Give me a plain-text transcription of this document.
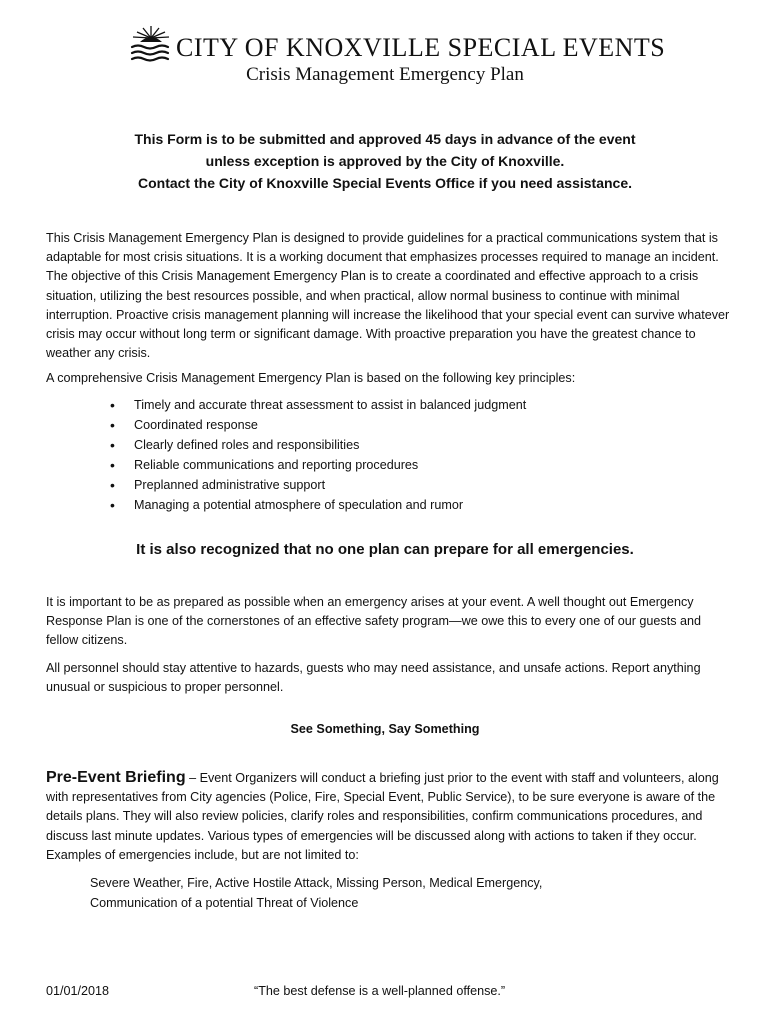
CITY OF KNOXVILLE SPECIAL EVENTS
Crisis Management Emergency Plan
This Form is to be submitted and approved 45 days in advance of the event
unless exception is approved by the City of Knoxville.
Contact the City of Knoxville Special Events Office if you need assistance.

This Crisis Management Emergency Plan is designed to provide guidelines for a practical communications system that is adaptable for most crisis situations. It is a working document that emphasizes processes required to manage an incident. The objective of this Crisis Management Emergency Plan is to create a coordinated and effective approach to a crisis situation, utilizing the best resources possible, and when practical, allow normal business to continue with minimal interruption. Proactive crisis management planning will increase the likelihood that your special event can survive whatever crisis may occur without long term or significant damage. With proactive preparation you have the greatest chance to weather any crisis.

A comprehensive Crisis Management Emergency Plan is based on the following key principles:

• Timely and accurate threat assessment to assist in balanced judgment
• Coordinated response
• Clearly defined roles and responsibilities
• Reliable communications and reporting procedures
• Preplanned administrative support
• Managing a potential atmosphere of speculation and rumor
It is also recognized that no one plan can prepare for all emergencies.

It is important to be as prepared as possible when an emergency arises at your event. A well thought out Emergency Response Plan is one of the cornerstones of an effective safety program—we owe this to every one of our guests and fellow citizens.

All personnel should stay attentive to hazards, guests who may need assistance, and unsafe actions. Report anything unusual or suspicious to proper personnel.

See Something, Say Something

Pre-Event Briefing – Event Organizers will conduct a briefing just prior to the event with staff and volunteers, along with representatives from City agencies (Police, Fire, Special Event, Public Service), to be sure everyone is aware of the details plans. They will also review policies, clarify roles and responsibilities, confirm communications procedures, and discuss last minute updates. Various types of emergencies will be discussed along with actions to taken if they occur. Examples of emergencies include, but are not limited to:

Severe Weather, Fire, Active Hostile Attack, Missing Person, Medical Emergency,
Communication of a potential Threat of Violence
01/01/2018	“The best defense is a well-planned offense.”
